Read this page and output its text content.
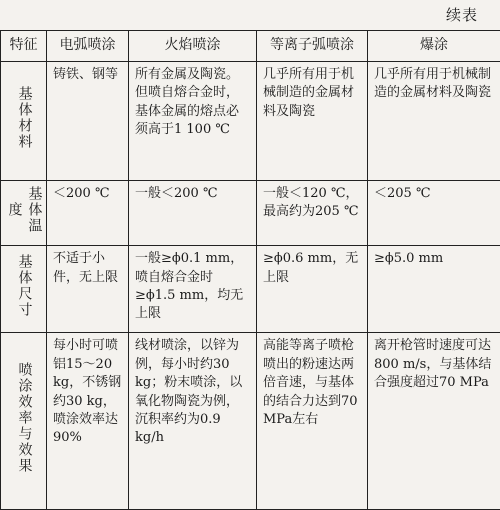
续表
特征	电弧喷涂	火焰喷涂	等离子弧喷涂	爆涂
基体材料	铸铁、钢等	所有金属及陶瓷。但喷自熔合金时，基体金属的熔点必须高于1 100 ℃	几乎所有用于机械制造的金属材料及陶瓷	几乎所有用于机械制造的金属材料及陶瓷
基体温度	＜200 ℃	一般＜200 ℃	一般＜120 ℃，最高约为205 ℃	＜205 ℃
基体尺寸	不适于小件，无上限	一般≥ϕ0.1 mm，喷自熔合金时≥ϕ1.5 mm，均无上限	≥ϕ0.6 mm，无上限	≥ϕ5.0 mm
喷涂效率与效果	每小时可喷铝15～20 kg，不锈钢约30 kg，喷涂效率达90%	线材喷涂，以锌为例，每小时约30 kg；粉末喷涂，以氧化物陶瓷为例，沉积率约为0.9 kg/h	高能等离子喷枪喷出的粉速达两倍音速，与基体的结合力达到70 MPa左右	离开枪管时速度可达800 m/s，与基体结合强度超过70 MPa
